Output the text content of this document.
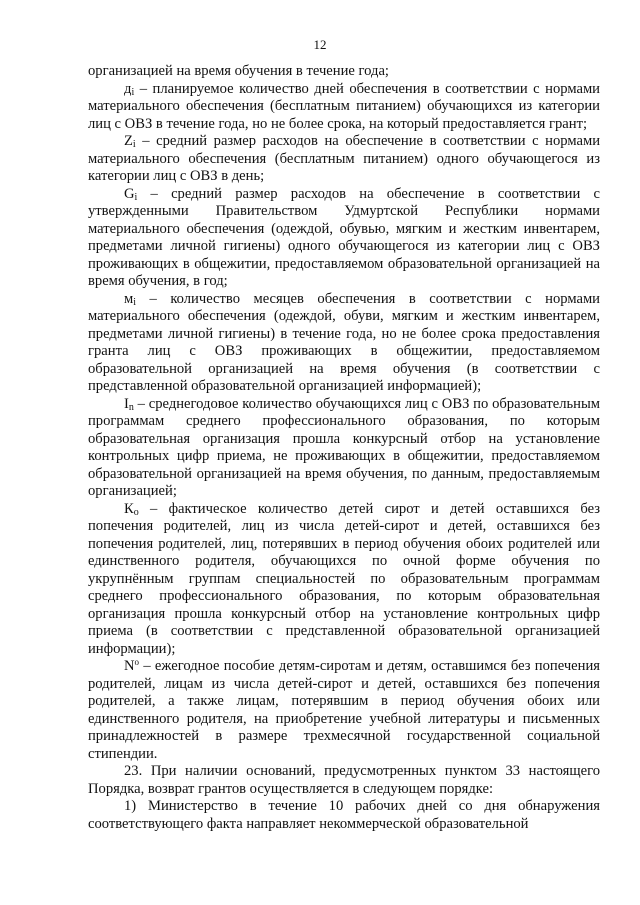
12

организацией на время обучения в течение года;

$д_i$ – планируемое количество дней обеспечения в соответствии с нормами материального обеспечения (бесплатным питанием) обучающихся из категории лиц с ОВЗ в течение года, но не более срока, на который предоставляется грант;

$Z_i$ – средний размер расходов на обеспечение в соответствии с нормами материального обеспечения (бесплатным питанием) одного обучающегося из категории лиц с ОВЗ в день;

$G_i$ – средний размер расходов на обеспечение в соответствии с утвержденными Правительством Удмуртской Республики нормами материального обеспечения (одеждой, обувью, мягким и жестким инвентарем, предметами личной гигиены) одного обучающегося из категории лиц с ОВЗ проживающих в общежитии, предоставляемом образовательной организацией на время обучения, в год;

$м_i$ – количество месяцев обеспечения в соответствии с нормами материального обеспечения (одеждой, обуви, мягким и жестким инвентарем, предметами личной гигиены) в течение года, но не более срока предоставления гранта лиц с ОВЗ проживающих в общежитии, предоставляемом образовательной организацией на время обучения (в соответствии с представленной образовательной организацией информацией);

$I_n$ – среднегодовое количество обучающихся лиц с ОВЗ по образовательным программам среднего профессионального образования, по которым образовательная организация прошла конкурсный отбор на установление контрольных цифр приема, не проживающих в общежитии, предоставляемом образовательной организацией на время обучения, по данным, предоставляемым организацией;

$К_о$ – фактическое количество детей сирот и детей оставшихся без попечения родителей, лиц из числа детей-сирот и детей, оставшихся без попечения родителей, лиц, потерявших в период обучения обоих родителей или единственного родителя, обучающихся по очной форме обучения по укрупнённым группам специальностей по образовательным программам среднего профессионального образования, по которым образовательная организация прошла конкурсный отбор на установление контрольных цифр приема (в соответствии с представленной образовательной организацией информации);

$N^о$ – ежегодное пособие детям-сиротам и детям, оставшимся без попечения родителей, лицам из числа детей-сирот и детей, оставшихся без попечения родителей, а также лицам, потерявшим в период обучения обоих или единственного родителя, на приобретение учебной литературы и письменных принадлежностей в размере трехмесячной государственной социальной стипендии.

23. При наличии оснований, предусмотренных пунктом 33 настоящего Порядка, возврат грантов осуществляется в следующем порядке:

1) Министерство в течение 10 рабочих дней со дня обнаружения соответствующего факта направляет некоммерческой образовательной
